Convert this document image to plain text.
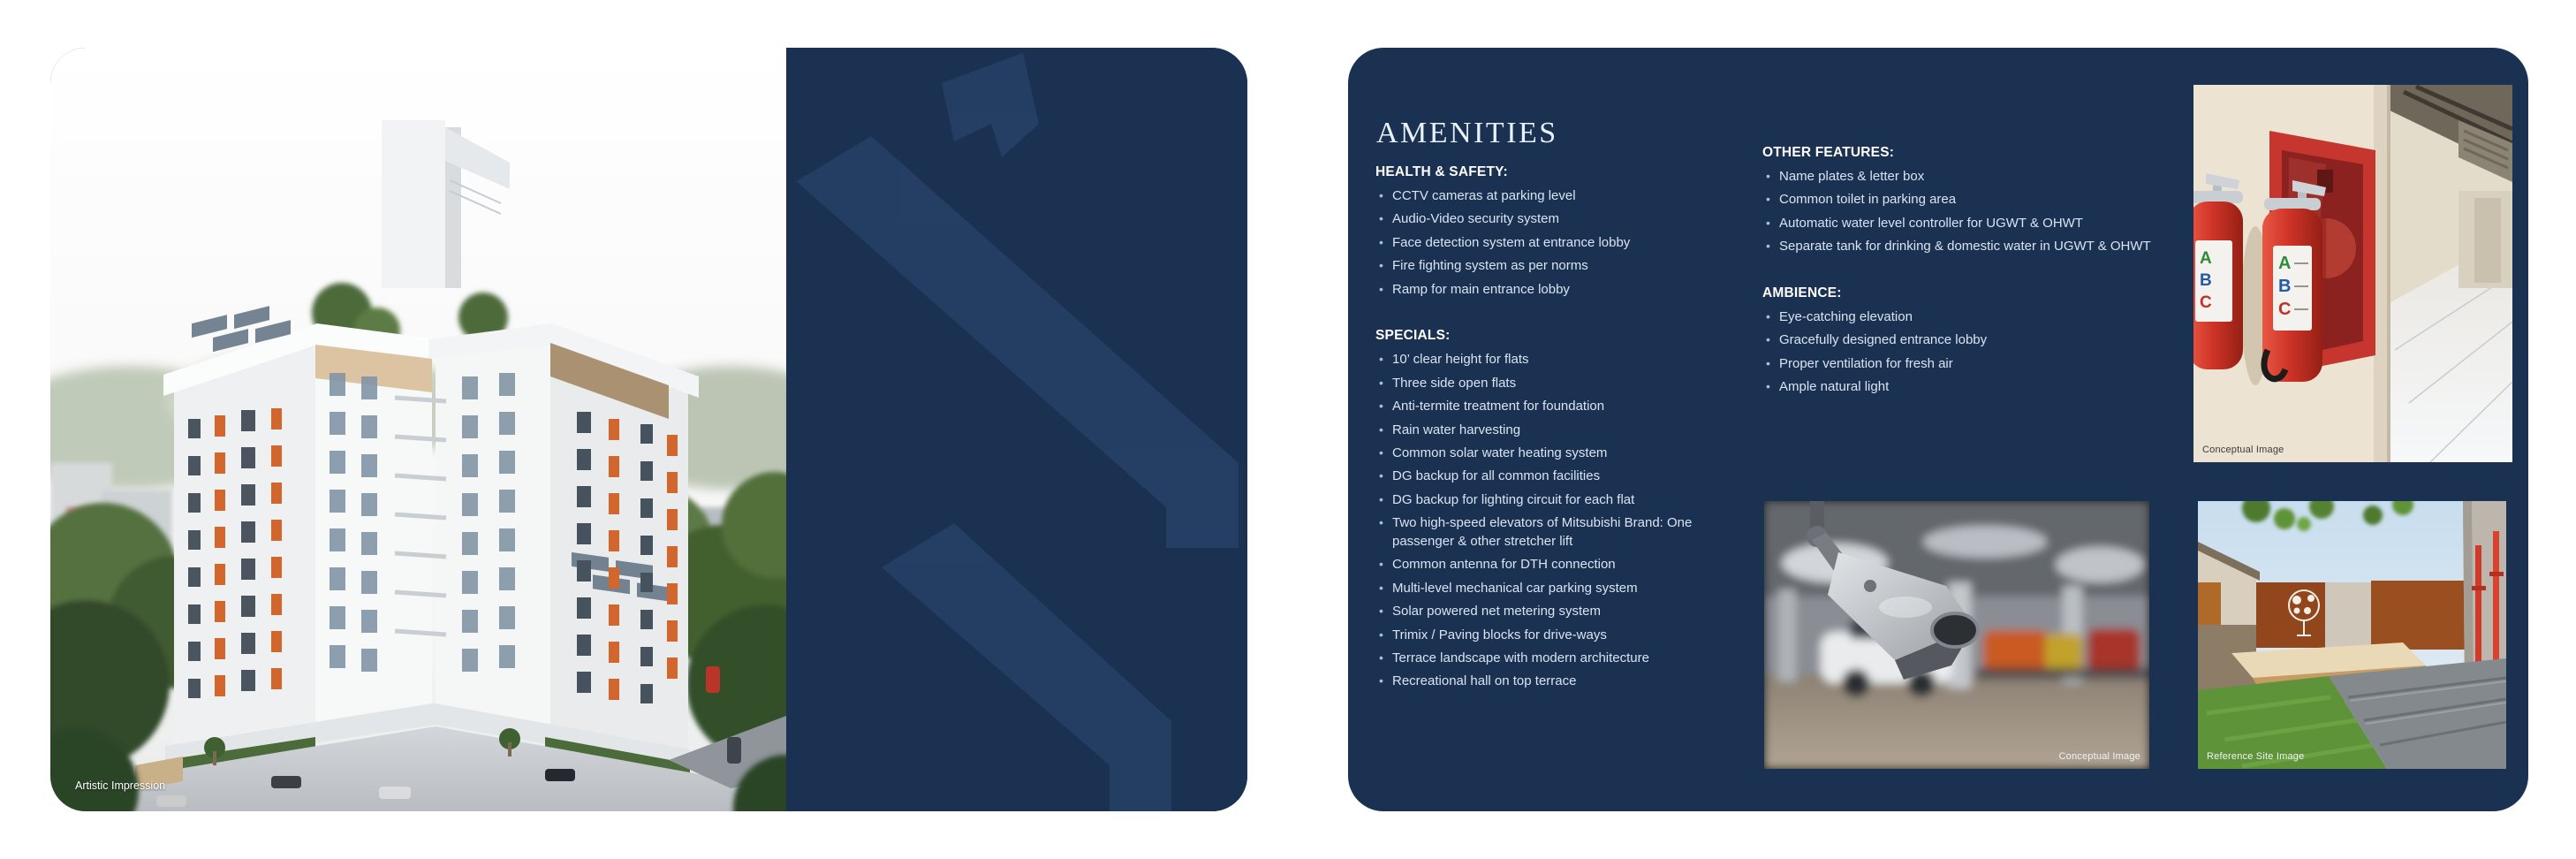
Artistic Impression
AMENITIES
HEALTH & SAFETY:
• CCTV cameras at parking level
• Audio-Video security system
• Face detection system at entrance lobby
• Fire fighting system as per norms
• Ramp for main entrance lobby
SPECIALS:
• 10’ clear height for flats
• Three side open flats
• Anti-termite treatment for foundation
• Rain water harvesting
• Common solar water heating system
• DG backup for all common facilities
• DG backup for lighting circuit for each flat
• Two high-speed elevators of Mitsubishi Brand: One passenger & other stretcher lift
• Common antenna for DTH connection
• Multi-level mechanical car parking system
• Solar powered net metering system
• Trimix / Paving blocks for drive-ways
• Terrace landscape with modern architecture
• Recreational hall on top terrace
OTHER FEATURES:
• Name plates & letter box
• Common toilet in parking area
• Automatic water level controller for UGWT & OHWT
• Separate tank for drinking & domestic water in UGWT & OHWT
AMBIENCE:
• Eye-catching elevation
• Gracefully designed entrance lobby
• Proper ventilation for fresh air
• Ample natural light
A
B
C
A
B
C
Conceptual Image
Conceptual Image	Reference Site Image
